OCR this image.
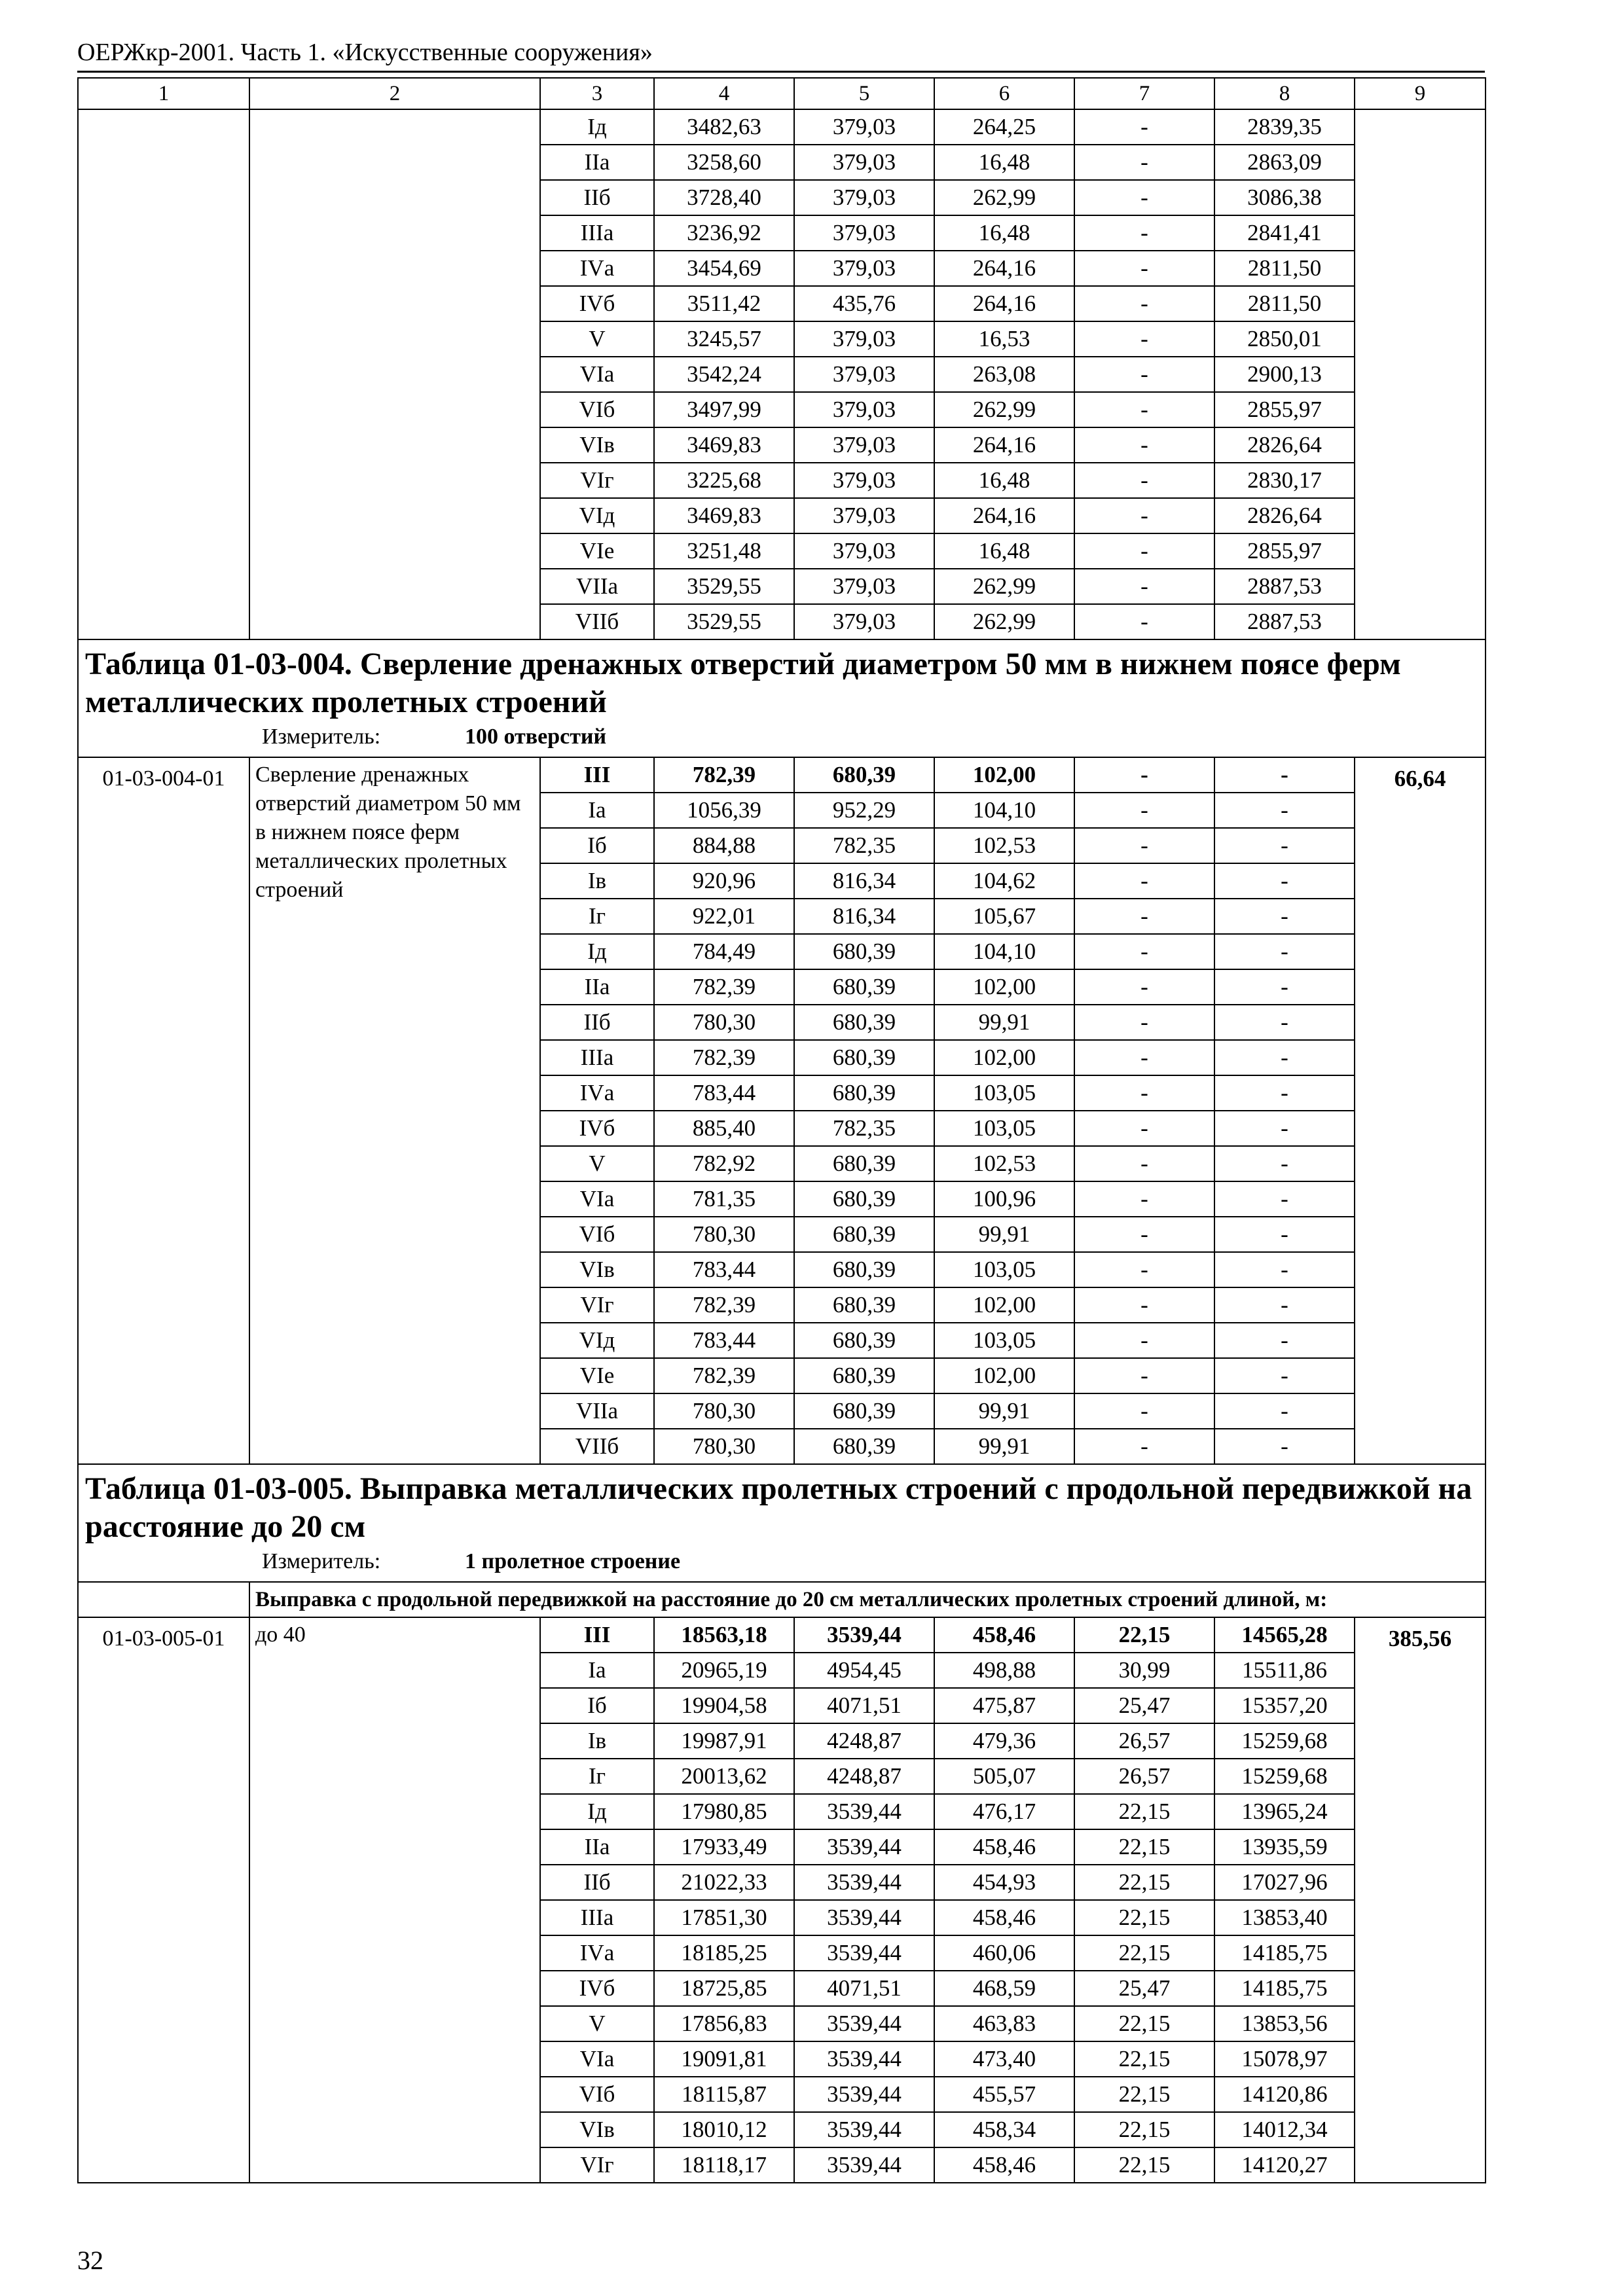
ОЕРЖкр-2001. Часть 1. «Искусственные сооружения»
1	2	3	4	5	6	7	8	9
		Iд	3482,63	379,03	264,25	-	2839,35	
		IIа	3258,60	379,03	16,48	-	2863,09	
		IIб	3728,40	379,03	262,99	-	3086,38	
		IIIа	3236,92	379,03	16,48	-	2841,41	
		IVа	3454,69	379,03	264,16	-	2811,50	
		IVб	3511,42	435,76	264,16	-	2811,50	
		V	3245,57	379,03	16,53	-	2850,01	
		VIа	3542,24	379,03	263,08	-	2900,13	
		VIб	3497,99	379,03	262,99	-	2855,97	
		VIв	3469,83	379,03	264,16	-	2826,64	
		VIг	3225,68	379,03	16,48	-	2830,17	
		VIд	3469,83	379,03	264,16	-	2826,64	
		VIе	3251,48	379,03	16,48	-	2855,97	
		VIIа	3529,55	379,03	262,99	-	2887,53	
		VIIб	3529,55	379,03	262,99	-	2887,53	

Таблица 01-03-004. Сверление дренажных отверстий диаметром 50 мм в нижнем поясе ферм металлических пролетных строений
Измеритель: 100 отверстий								

01-03-004-01	Сверление дренажных отверстий диаметром 50 мм в нижнем поясе ферм металлических пролетных строений	III	782,39	680,39	102,00	-	-	66,64
		Iа	1056,39	952,29	104,10	-	-	
		Iб	884,88	782,35	102,53	-	-	
		Iв	920,96	816,34	104,62	-	-	
		Iг	922,01	816,34	105,67	-	-	
		Iд	784,49	680,39	104,10	-	-	
		IIа	782,39	680,39	102,00	-	-	
		IIб	780,30	680,39	99,91	-	-	
		IIIа	782,39	680,39	102,00	-	-	
		IVа	783,44	680,39	103,05	-	-	
		IVб	885,40	782,35	103,05	-	-	
		V	782,92	680,39	102,53	-	-	
		VIа	781,35	680,39	100,96	-	-	
		VIб	780,30	680,39	99,91	-	-	
		VIв	783,44	680,39	103,05	-	-	
		VIг	782,39	680,39	102,00	-	-	
		VIд	783,44	680,39	103,05	-	-	
		VIе	782,39	680,39	102,00	-	-	
		VIIа	780,30	680,39	99,91	-	-	
		VIIб	780,30	680,39	99,91	-	-	

Таблица 01-03-005. Выправка металлических пролетных строений с продольной передвижкой на расстояние до 20 см
Измеритель: 1 пролетное строение								

	Выправка с продольной передвижкой на расстояние до 20 см металлических пролетных строений длиной, м:							
01-03-005-01	до 40	III	18563,18	3539,44	458,46	22,15	14565,28	385,56
		Iа	20965,19	4954,45	498,88	30,99	15511,86	
		Iб	19904,58	4071,51	475,87	25,47	15357,20	
		Iв	19987,91	4248,87	479,36	26,57	15259,68	
		Iг	20013,62	4248,87	505,07	26,57	15259,68	
		Iд	17980,85	3539,44	476,17	22,15	13965,24	
		IIа	17933,49	3539,44	458,46	22,15	13935,59	
		IIб	21022,33	3539,44	454,93	22,15	17027,96	
		IIIа	17851,30	3539,44	458,46	22,15	13853,40	
		IVа	18185,25	3539,44	460,06	22,15	14185,75	
		IVб	18725,85	4071,51	468,59	25,47	14185,75	
		V	17856,83	3539,44	463,83	22,15	13853,56	
		VIа	19091,81	3539,44	473,40	22,15	15078,97	
		VIб	18115,87	3539,44	455,57	22,15	14120,86	
		VIв	18010,12	3539,44	458,34	22,15	14012,34	
		VIг	18118,17	3539,44	458,46	22,15	14120,27	
32
